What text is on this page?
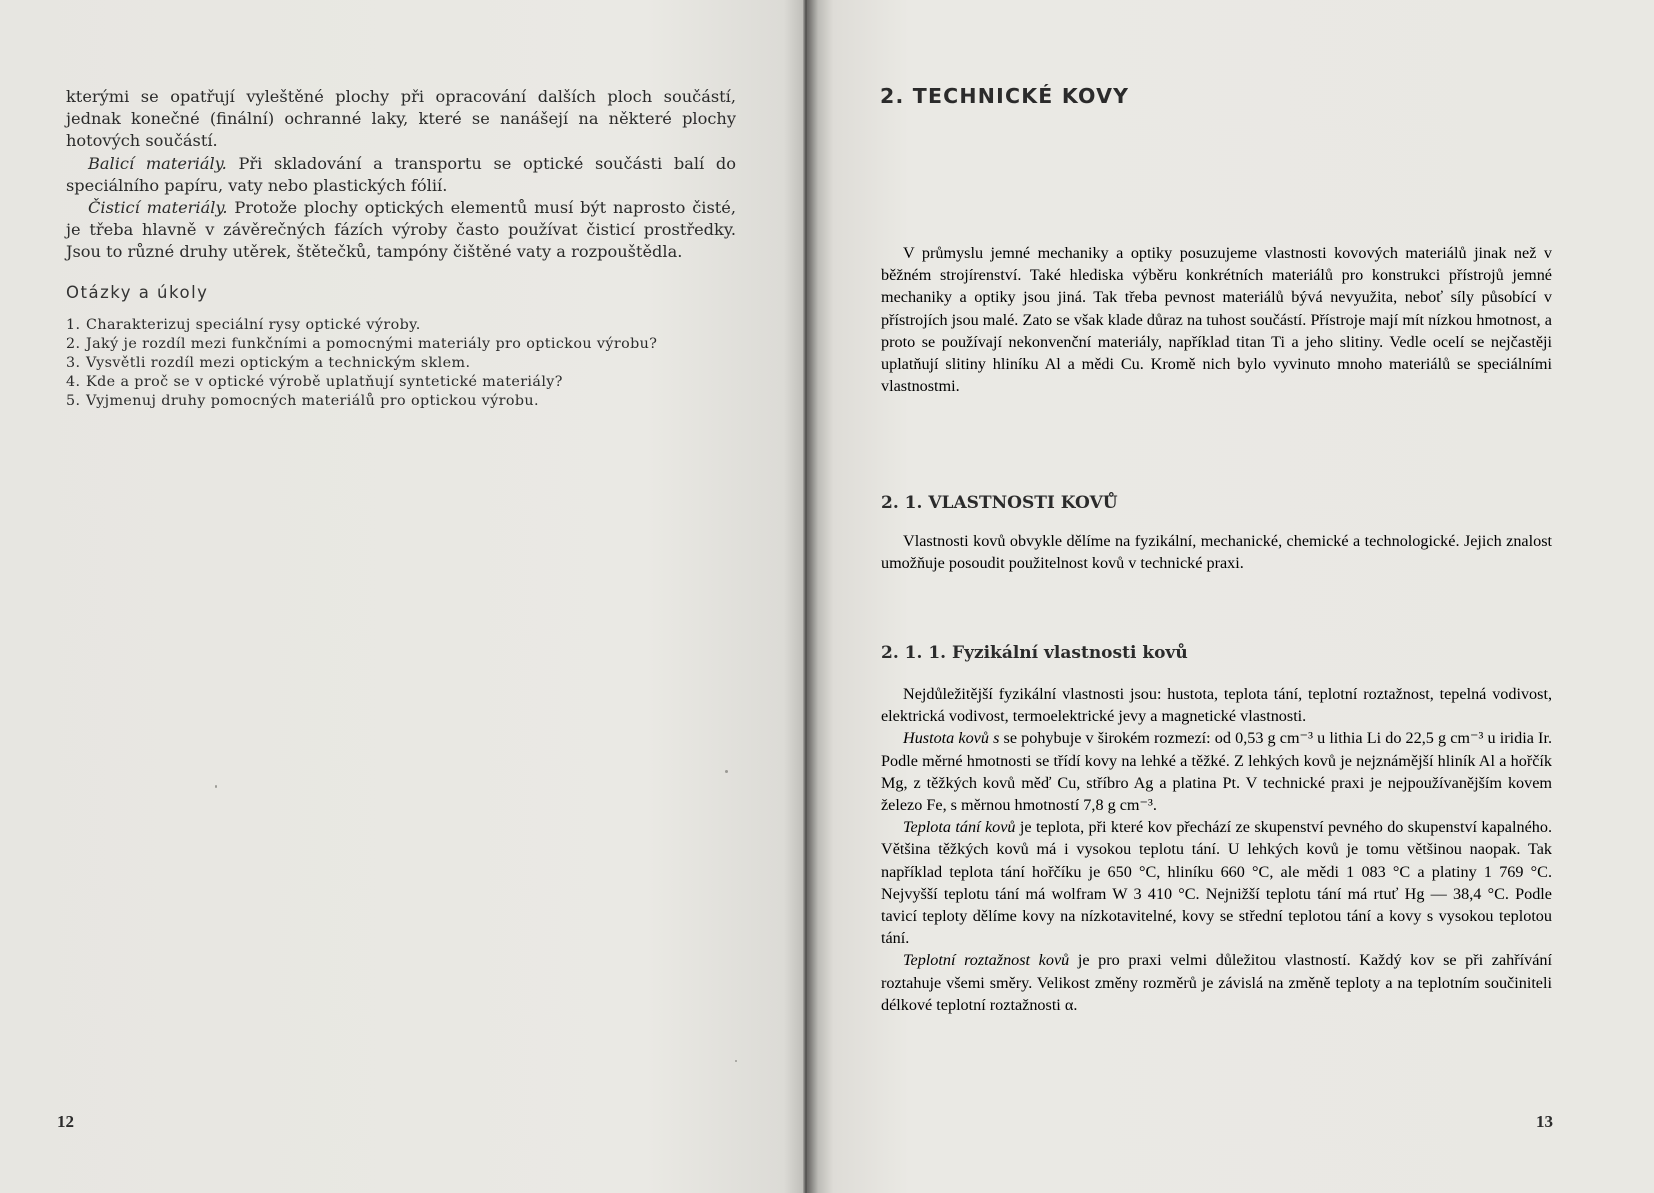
kterými se opatřují vyleštěné plochy při opracování dalších ploch součástí, jednak konečné (finální) ochranné laky, které se nanášejí na některé plochy hotových součástí.

Balicí materiály. Při skladování a transportu se optické součásti balí do speciálního papíru, vaty nebo plastických fólií.

Čisticí materiály. Protože plochy optických elementů musí být naprosto čisté, je třeba hlavně v závěrečných fázích výroby často používat čisticí prostředky. Jsou to různé druhy utěrek, štětečků, tampóny čištěné vaty a rozpouštědla.

Otázky a úkoly

1. Charakterizuj speciální rysy optické výroby.
2. Jaký je rozdíl mezi funkčními a pomocnými materiály pro optickou výrobu?
3. Vysvětli rozdíl mezi optickým a technickým sklem.
4. Kde a proč se v optické výrobě uplatňují syntetické materiály?
5. Vyjmenuj druhy pomocných materiálů pro optickou výrobu.
12
2. TECHNICKÉ KOVY

V průmyslu jemné mechaniky a optiky posuzujeme vlastnosti kovových materiálů jinak než v běžném strojírenství. Také hlediska výběru konkrétních materiálů pro konstrukci přístrojů jemné mechaniky a optiky jsou jiná. Tak třeba pevnost materiálů bývá nevyužita, neboť síly působící v přístrojích jsou malé. Zato se však klade důraz na tuhost součástí. Přístroje mají mít nízkou hmotnost, a proto se používají nekonvenční materiály, například titan Ti a jeho slitiny. Vedle ocelí se nejčastěji uplatňují slitiny hliníku Al a mědi Cu. Kromě nich bylo vyvinuto mnoho materiálů se speciálními vlastnostmi.

2. 1. VLASTNOSTI KOVŮ

Vlastnosti kovů obvykle dělíme na fyzikální, mechanické, chemické a technologické. Jejich znalost umožňuje posoudit použitelnost kovů v technické praxi.

2. 1. 1. Fyzikální vlastnosti kovů

Nejdůležitější fyzikální vlastnosti jsou: hustota, teplota tání, teplotní roztažnost, tepelná vodivost, elektrická vodivost, termoelektrické jevy a magnetické vlastnosti.

Hustota kovů s se pohybuje v širokém rozmezí: od 0,53 g cm⁻³ u lithia Li do 22,5 g cm⁻³ u iridia Ir. Podle měrné hmotnosti se třídí kovy na lehké a těžké. Z lehkých kovů je nejznámější hliník Al a hořčík Mg, z těžkých kovů měď Cu, stříbro Ag a platina Pt. V technické praxi je nejpoužívanějším kovem železo Fe, s měrnou hmotností 7,8 g cm⁻³.

Teplota tání kovů je teplota, při které kov přechází ze skupenství pevného do skupenství kapalného. Většina těžkých kovů má i vysokou teplotu tání. U lehkých kovů je tomu většinou naopak. Tak například teplota tání hořčíku je 650 °C, hliníku 660 °C, ale mědi 1 083 °C a platiny 1 769 °C. Nejvyšší teplotu tání má wolfram W 3 410 °C. Nejnižší teplotu tání má rtuť Hg — 38,4 °C. Podle tavicí teploty dělíme kovy na nízkotavitelné, kovy se střední teplotou tání a kovy s vysokou teplotou tání.

Teplotní roztažnost kovů je pro praxi velmi důležitou vlastností. Každý kov se při zahřívání roztahuje všemi směry. Velikost změny rozměrů je závislá na změně teploty a na teplotním součiniteli délkové teplotní roztažnosti α.

13
